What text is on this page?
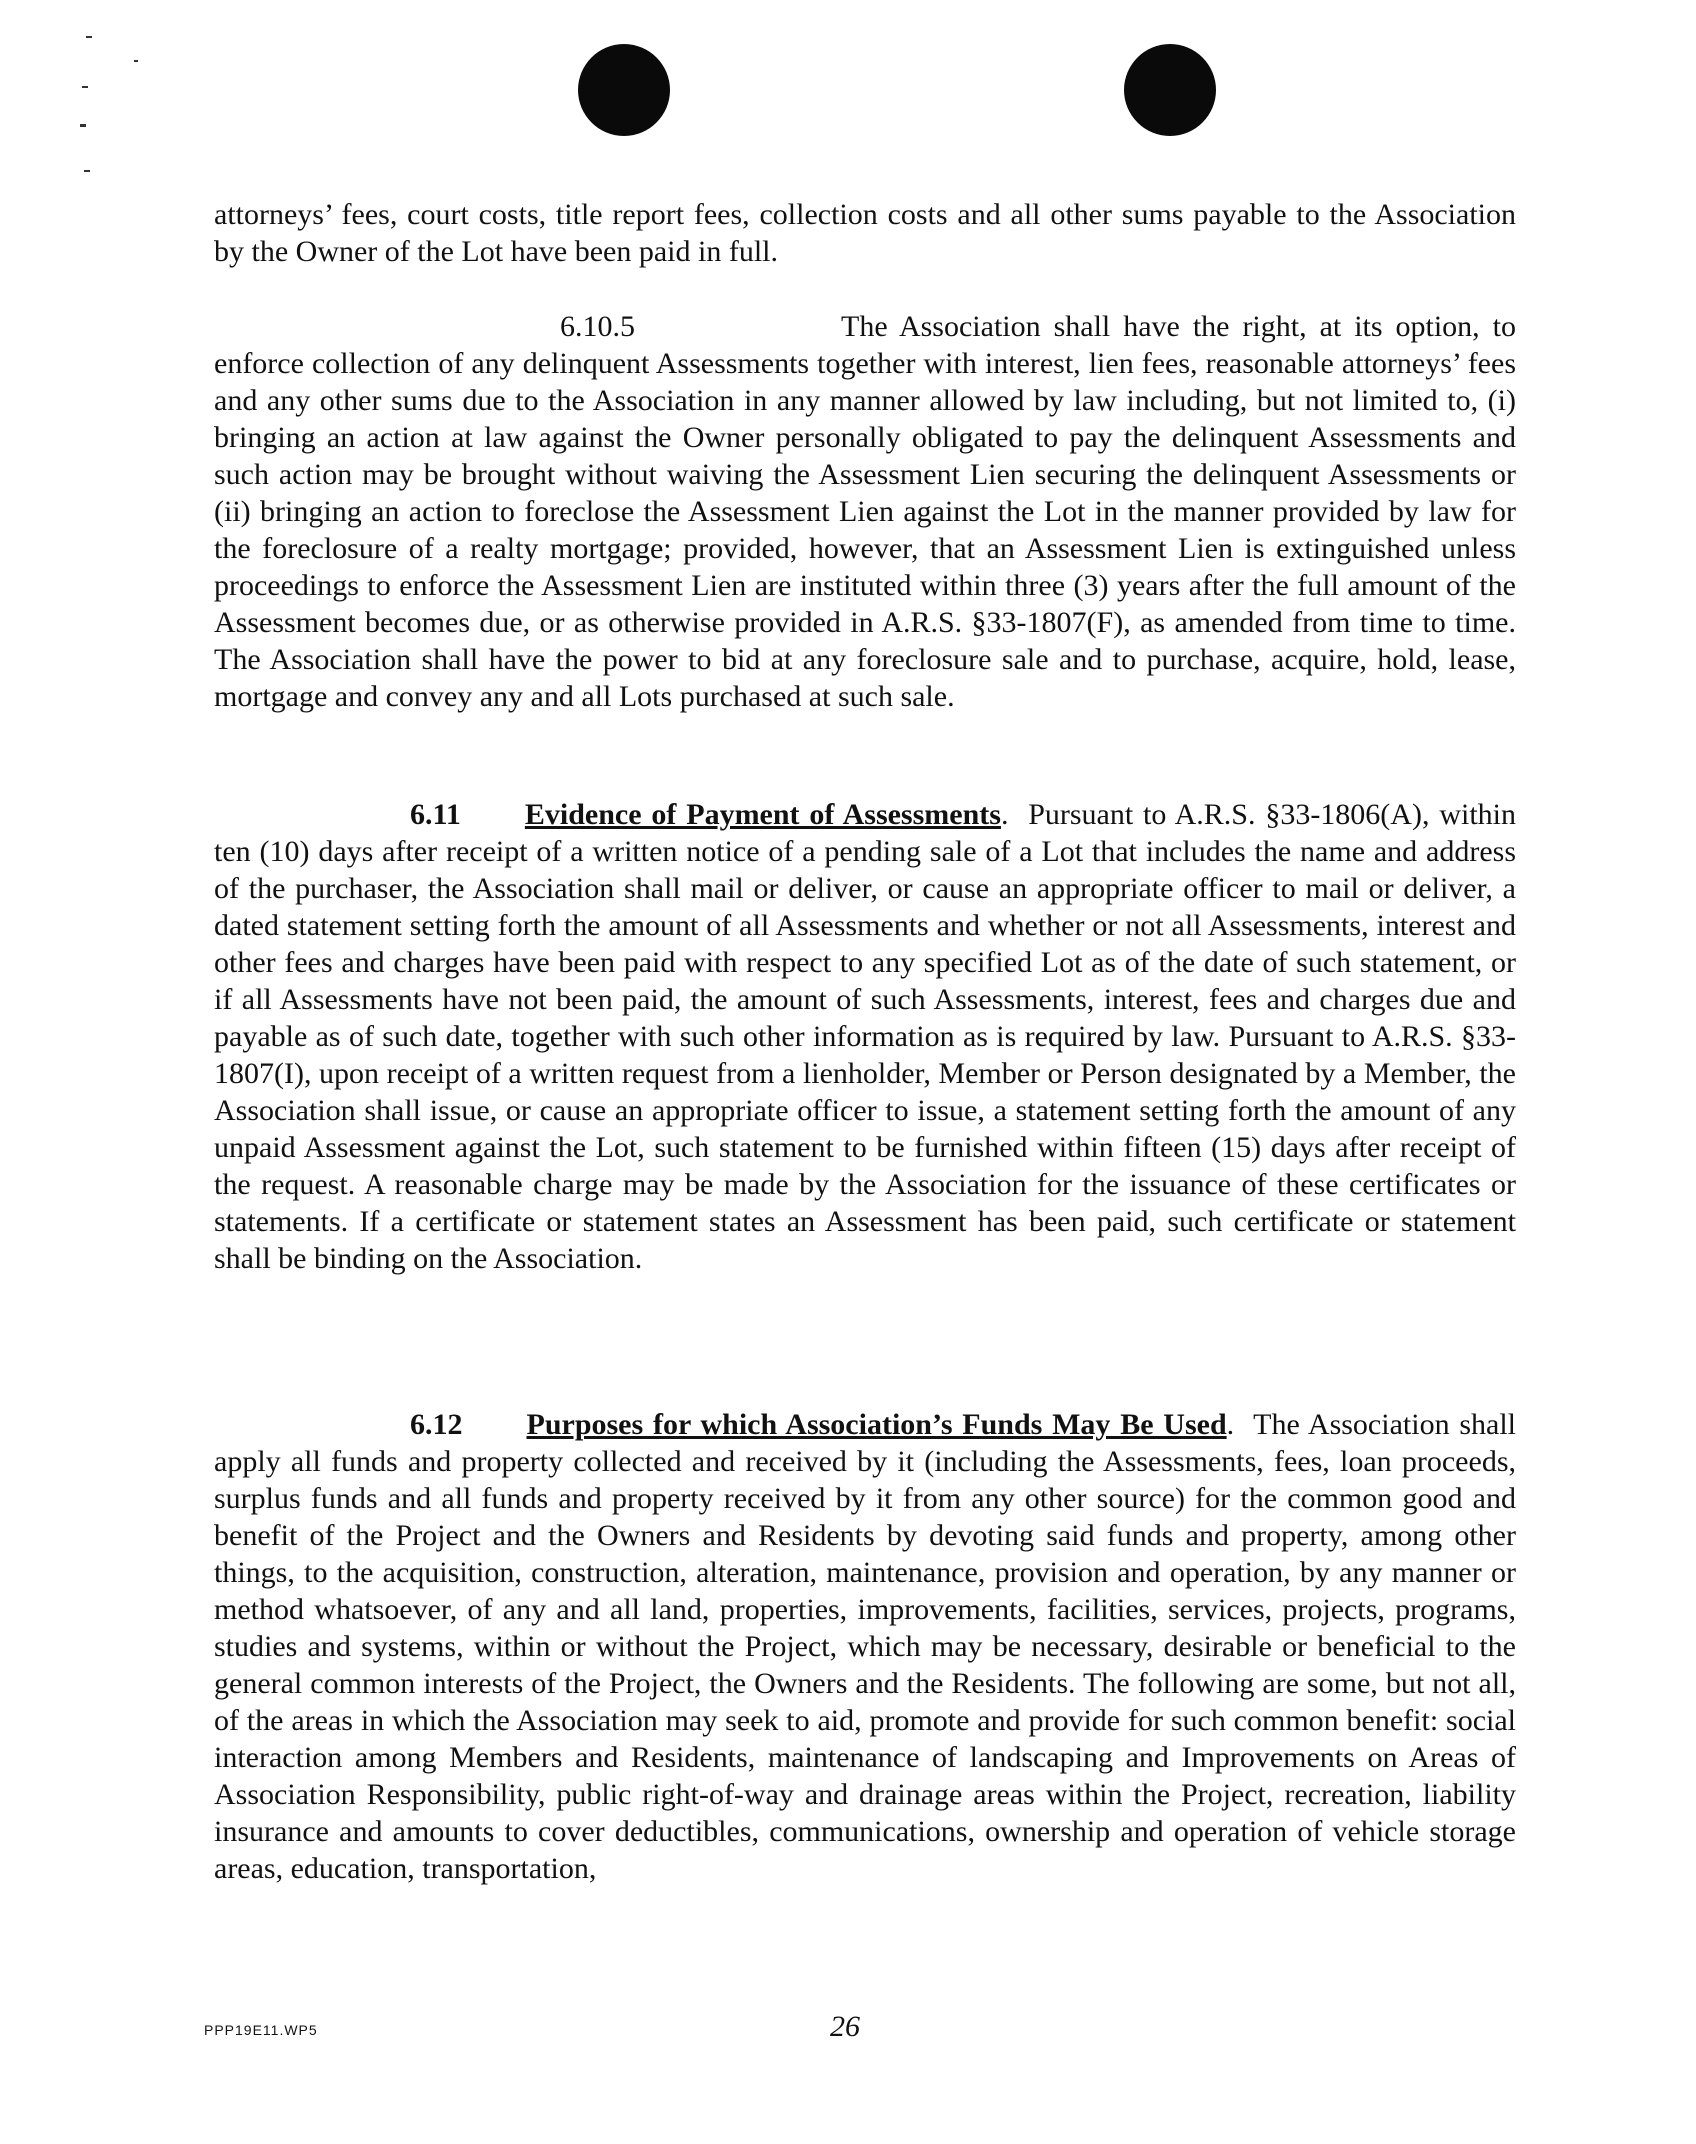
attorneys’ fees, court costs, title report fees, collection costs and all other sums payable to the Association by the Owner of the Lot have been paid in full.
6.10.5	The Association shall have the right, at its option, to enforce collection of any delinquent Assessments together with interest, lien fees, reasonable attorneys’ fees and any other sums due to the Association in any manner allowed by law including, but not limited to, (i) bringing an action at law against the Owner personally obligated to pay the delinquent Assessments and such action may be brought without waiving the Assessment Lien securing the delinquent Assessments or (ii) bringing an action to foreclose the Assessment Lien against the Lot in the manner provided by law for the foreclosure of a realty mortgage; provided, however, that an Assessment Lien is extinguished unless proceedings to enforce the Assessment Lien are instituted within three (3) years after the full amount of the Assessment becomes due, or as otherwise provided in A.R.S. §33-1807(F), as amended from time to time. The Association shall have the power to bid at any foreclosure sale and to purchase, acquire, hold, lease, mortgage and convey any and all Lots purchased at such sale.
6.11 Evidence of Payment of Assessments.  Pursuant to A.R.S. §33-1806(A), within ten (10) days after receipt of a written notice of a pending sale of a Lot that includes the name and address of the purchaser, the Association shall mail or deliver, or cause an appropriate officer to mail or deliver, a dated statement setting forth the amount of all Assessments and whether or not all Assessments, interest and other fees and charges have been paid with respect to any specified Lot as of the date of such statement, or if all Assessments have not been paid, the amount of such Assessments, interest, fees and charges due and payable as of such date, together with such other information as is required by law. Pursuant to A.R.S. §33-1807(I), upon receipt of a written request from a lienholder, Member or Person designated by a Member, the Association shall issue, or cause an appropriate officer to issue, a statement setting forth the amount of any unpaid Assessment against the Lot, such statement to be furnished within fifteen (15) days after receipt of the request. A reasonable charge may be made by the Association for the issuance of these certificates or statements. If a certificate or statement states an Assessment has been paid, such certificate or statement shall be binding on the Association.
6.12 Purposes for which Association’s Funds May Be Used.  The Association shall apply all funds and property collected and received by it (including the Assessments, fees, loan proceeds, surplus funds and all funds and property received by it from any other source) for the common good and benefit of the Project and the Owners and Residents by devoting said funds and property, among other things, to the acquisition, construction, alteration, maintenance, provision and operation, by any manner or method whatsoever, of any and all land, properties, improvements, facilities, services, projects, programs, studies and systems, within or without the Project, which may be necessary, desirable or beneficial to the general common interests of the Project, the Owners and the Residents. The following are some, but not all, of the areas in which the Association may seek to aid, promote and provide for such common benefit: social interaction among Members and Residents, maintenance of landscaping and Improvements on Areas of Association Responsibility, public right-of-way and drainage areas within the Project, recreation, liability insurance and amounts to cover deductibles, communications, ownership and operation of vehicle storage areas, education, transportation,
PPP19E11.WP5	26
